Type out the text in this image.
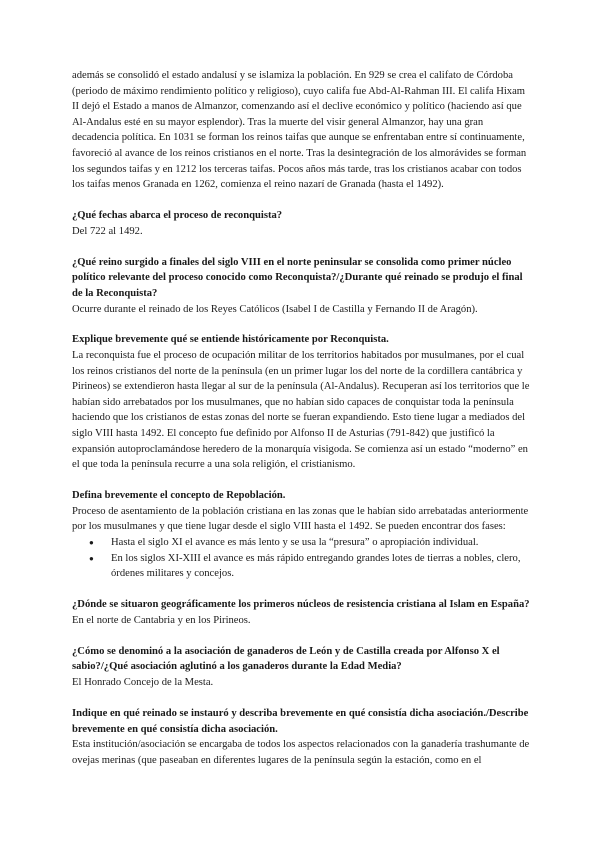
además se consolidó el estado andalusí y se islamiza la población. En 929 se crea el califato de Córdoba (periodo de máximo rendimiento político y religioso), cuyo califa fue Abd-Al-Rahman III. El califa Hixam II dejó el Estado a manos de Almanzor, comenzando así el declive económico y político (haciendo así que Al-Andalus esté en su mayor esplendor). Tras la muerte del visir general Almanzor, hay una gran decadencia política. En 1031 se forman los reinos taifas que aunque se enfrentaban entre sí continuamente, favoreció al avance de los reinos cristianos en el norte. Tras la desintegración de los almorávides se forman los segundos taifas y en 1212 los terceras taifas. Pocos años más tarde, tras los cristianos acabar con todos los taifas menos Granada en 1262, comienza el reino nazarí de Granada (hasta el 1492).

¿Qué fechas abarca el proceso de reconquista?

Del 722 al 1492.

¿Qué reino surgido a finales del siglo VIII en el norte peninsular se consolida como primer núcleo político relevante del proceso conocido como Reconquista?/¿Durante qué reinado se produjo el final de la Reconquista?

Ocurre durante el reinado de los Reyes Católicos (Isabel I de Castilla y Fernando II de Aragón).

Explique brevemente qué se entiende históricamente por Reconquista.

La reconquista fue el proceso de ocupación militar de los territorios habitados por musulmanes, por el cual los reinos cristianos del norte de la península (en un primer lugar los del norte de la cordillera cantábrica y Pirineos) se extendieron hasta llegar al sur de la península (Al-Andalus). Recuperan así los territorios que le habían sido arrebatados por los musulmanes, que no habían sido capaces de conquistar toda la península haciendo que los cristianos de estas zonas del norte se fueran expandiendo. Esto tiene lugar a mediados del siglo VIII hasta 1492. El concepto fue definido por Alfonso II de Asturias (791-842) que justificó la expansión autoproclamándose heredero de la monarquía visigoda. Se comienza así un estado “moderno” en el que toda la península recurre a una sola religión, el cristianismo.

Defina brevemente el concepto de Repoblación.

Proceso de asentamiento de la población cristiana en las zonas que le habían sido arrebatadas anteriormente por los musulmanes y que tiene lugar desde el siglo VIII hasta el 1492. Se pueden encontrar dos fases:

● Hasta el siglo XI el avance es más lento y se usa la “presura” o apropiación individual.
● En los siglos XI-XIII el avance es más rápido entregando grandes lotes de tierras a nobles, clero, órdenes militares y concejos.

¿Dónde se situaron geográficamente los primeros núcleos de resistencia cristiana al Islam en España?

En el norte de Cantabria y en los Pirineos.

¿Cómo se denominó a la asociación de ganaderos de León y de Castilla creada por Alfonso X el sabio?/¿Qué asociación aglutinó a los ganaderos durante la Edad Media?

El Honrado Concejo de la Mesta.

Indique en qué reinado se instauró y describa brevemente en qué consistía dicha asociación./Describe brevemente en qué consistía dicha asociación.

Esta institución/asociación se encargaba de todos los aspectos relacionados con la ganadería trashumante de ovejas merinas (que paseaban en diferentes lugares de la península según la estación, como en el
